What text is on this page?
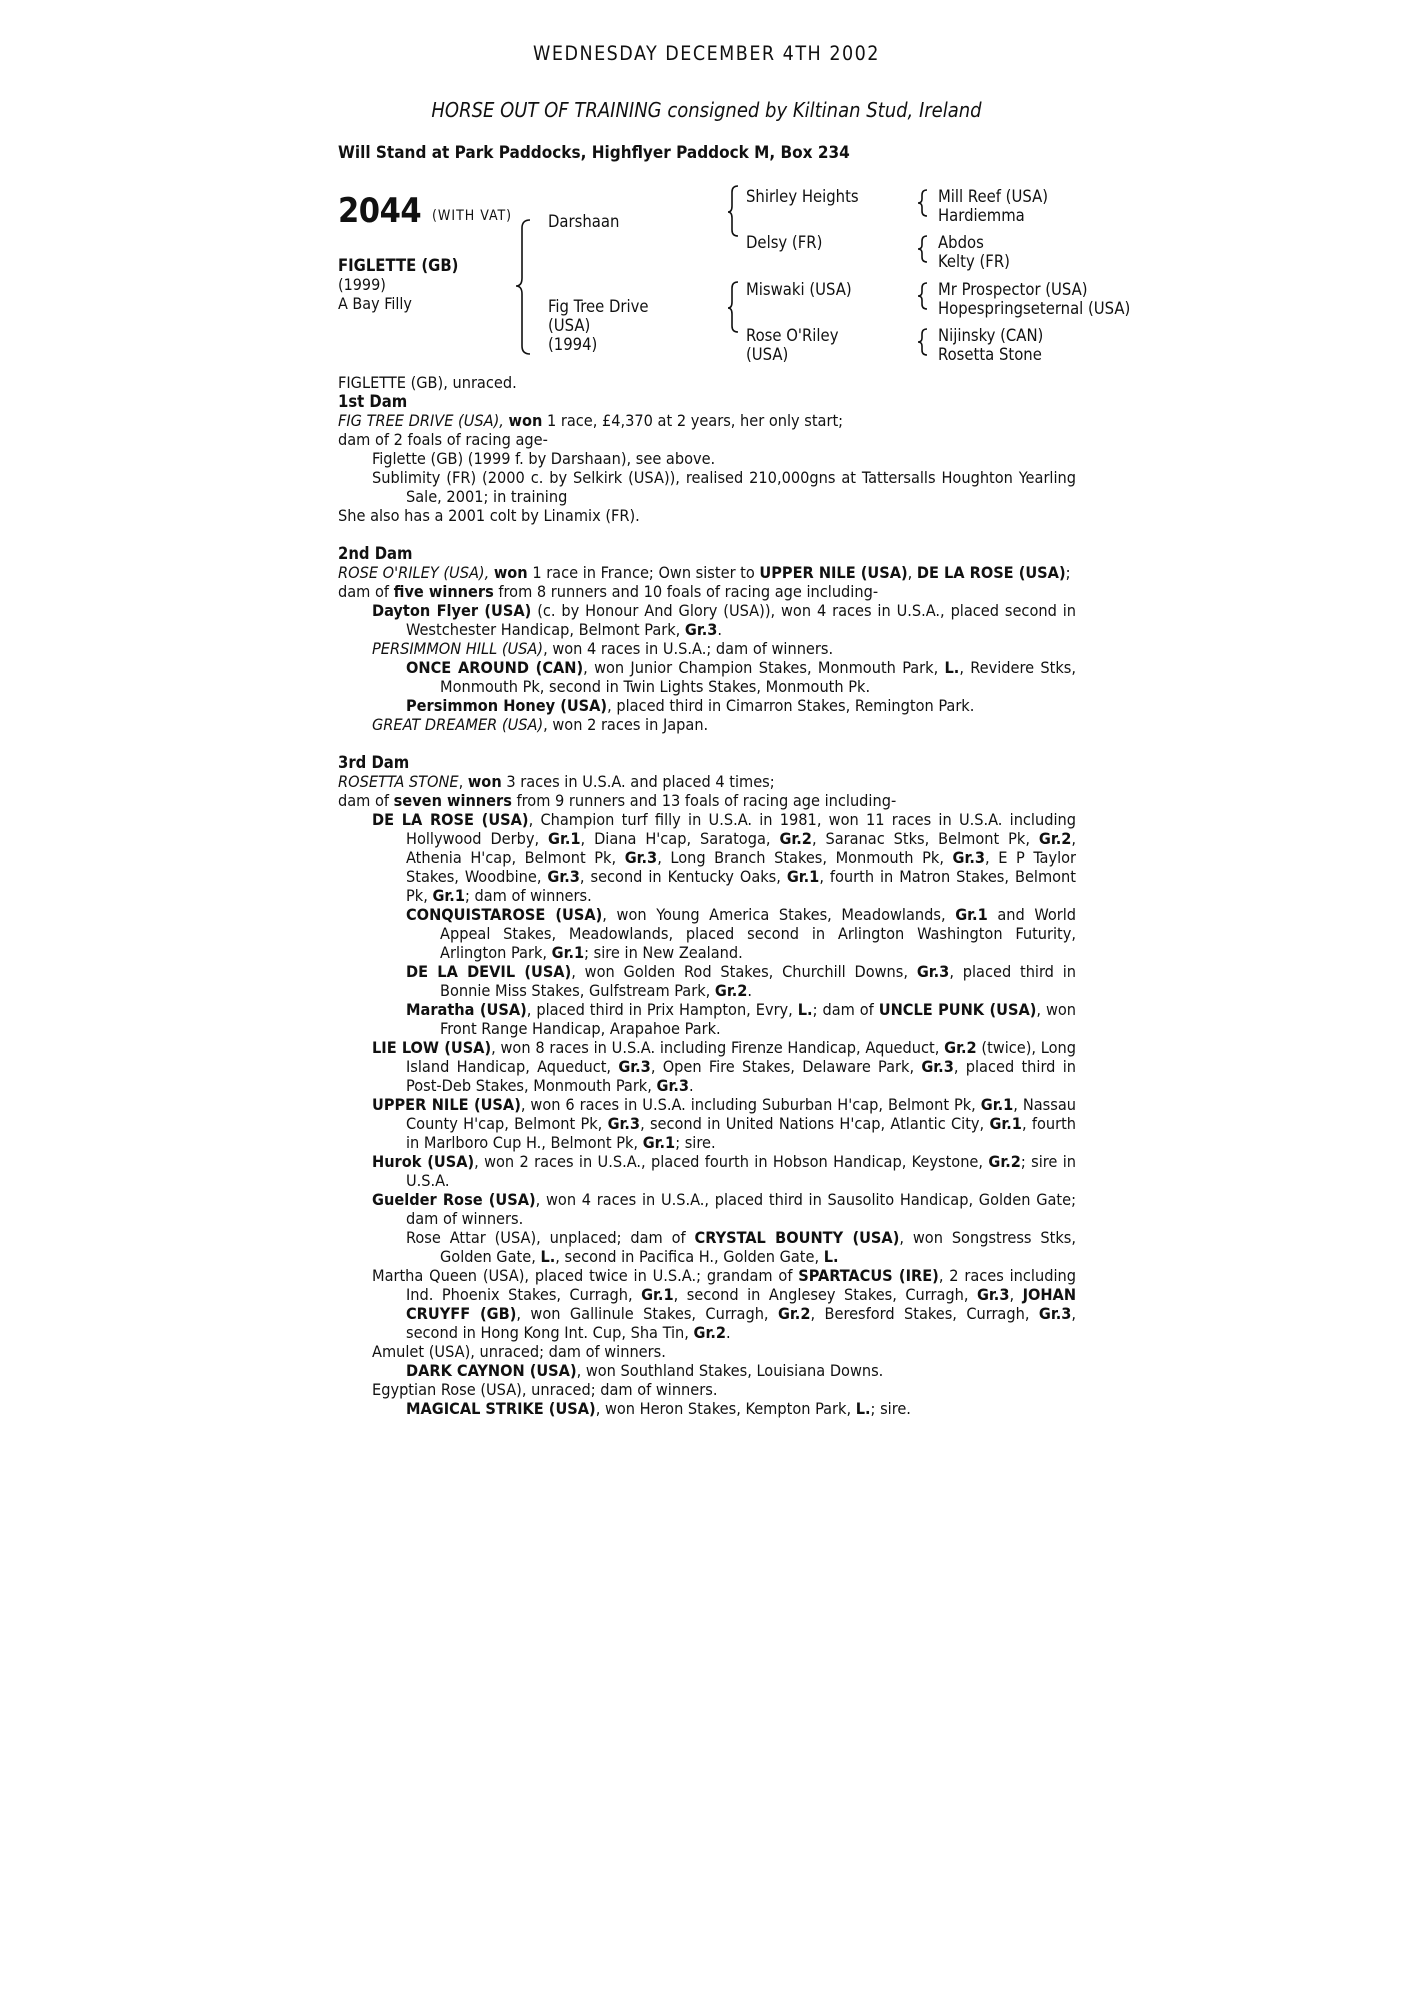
WEDNESDAY DECEMBER 4TH 2002
HORSE OUT OF TRAINING consigned by Kiltinan Stud, Ireland
Will Stand at Park Paddocks, Highflyer Paddock M, Box 234
2044 (WITH VAT)
FIGLETTE (GB)
(1999)
A Bay Filly
Darshaan
Fig Tree Drive
(USA)
(1994)
Shirley Heights
Delsy (FR)
Miswaki (USA)
Rose O'Riley
(USA)
Mill Reef (USA)
Hardiemma
Abdos
Kelty (FR)
Mr Prospector (USA)
Hopespringseternal (USA)
Nijinsky (CAN)
Rosetta Stone

FIGLETTE (GB), unraced.

1st Dam

FIG TREE DRIVE (USA), won 1 race, £4,370 at 2 years, her only start;

dam of 2 foals of racing age-

Figlette (GB) (1999 f. by Darshaan), see above.

Sublimity (FR) (2000 c. by Selkirk (USA)), realised 210,000gns at Tattersalls Houghton Yearling Sale, 2001; in training

She also has a 2001 colt by Linamix (FR).

2nd Dam

ROSE O'RILEY (USA), won 1 race in France; Own sister to UPPER NILE (USA), DE LA ROSE (USA);

dam of five winners from 8 runners and 10 foals of racing age including-

Dayton Flyer (USA) (c. by Honour And Glory (USA)), won 4 races in U.S.A., placed second in Westchester Handicap, Belmont Park, Gr.3.

PERSIMMON HILL (USA), won 4 races in U.S.A.; dam of winners.

ONCE AROUND (CAN), won Junior Champion Stakes, Monmouth Park, L., Revidere Stks, Monmouth Pk, second in Twin Lights Stakes, Monmouth Pk.

Persimmon Honey (USA), placed third in Cimarron Stakes, Remington Park.

GREAT DREAMER (USA), won 2 races in Japan.

3rd Dam

ROSETTA STONE, won 3 races in U.S.A. and placed 4 times;

dam of seven winners from 9 runners and 13 foals of racing age including-

DE LA ROSE (USA), Champion turf filly in U.S.A. in 1981, won 11 races in U.S.A. including Hollywood Derby, Gr.1, Diana H'cap, Saratoga, Gr.2, Saranac Stks, Belmont Pk, Gr.2, Athenia H'cap, Belmont Pk, Gr.3, Long Branch Stakes, Monmouth Pk, Gr.3, E P Taylor Stakes, Woodbine, Gr.3, second in Kentucky Oaks, Gr.1, fourth in Matron Stakes, Belmont Pk, Gr.1; dam of winners.

CONQUISTAROSE (USA), won Young America Stakes, Meadowlands, Gr.1 and World Appeal Stakes, Meadowlands, placed second in Arlington Washington Futurity, Arlington Park, Gr.1; sire in New Zealand.

DE LA DEVIL (USA), won Golden Rod Stakes, Churchill Downs, Gr.3, placed third in Bonnie Miss Stakes, Gulfstream Park, Gr.2.

Maratha (USA), placed third in Prix Hampton, Evry, L.; dam of UNCLE PUNK (USA), won Front Range Handicap, Arapahoe Park.

LIE LOW (USA), won 8 races in U.S.A. including Firenze Handicap, Aqueduct, Gr.2 (twice), Long Island Handicap, Aqueduct, Gr.3, Open Fire Stakes, Delaware Park, Gr.3, placed third in Post-Deb Stakes, Monmouth Park, Gr.3.

UPPER NILE (USA), won 6 races in U.S.A. including Suburban H'cap, Belmont Pk, Gr.1, Nassau County H'cap, Belmont Pk, Gr.3, second in United Nations H'cap, Atlantic City, Gr.1, fourth in Marlboro Cup H., Belmont Pk, Gr.1; sire.

Hurok (USA), won 2 races in U.S.A., placed fourth in Hobson Handicap, Keystone, Gr.2; sire in U.S.A.

Guelder Rose (USA), won 4 races in U.S.A., placed third in Sausolito Handicap, Golden Gate; dam of winners.

Rose Attar (USA), unplaced; dam of CRYSTAL BOUNTY (USA), won Songstress Stks, Golden Gate, L., second in Pacifica H., Golden Gate, L.

Martha Queen (USA), placed twice in U.S.A.; grandam of SPARTACUS (IRE), 2 races including Ind. Phoenix Stakes, Curragh, Gr.1, second in Anglesey Stakes, Curragh, Gr.3, JOHAN CRUYFF (GB), won Gallinule Stakes, Curragh, Gr.2, Beresford Stakes, Curragh, Gr.3, second in Hong Kong Int. Cup, Sha Tin, Gr.2.

Amulet (USA), unraced; dam of winners.

DARK CAYNON (USA), won Southland Stakes, Louisiana Downs.

Egyptian Rose (USA), unraced; dam of winners.

MAGICAL STRIKE (USA), won Heron Stakes, Kempton Park, L.; sire.
